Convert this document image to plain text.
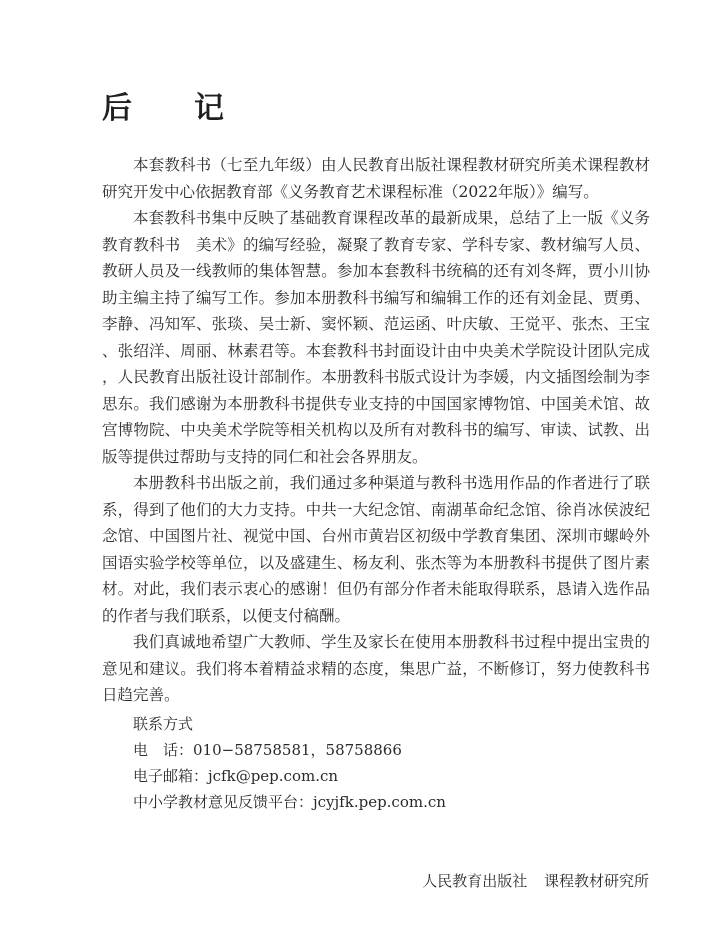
后　记

本套教科书（七至九年级）由人民教育出版社课程教材研究所美术课程教材研究开发中心依据教育部《义务教育艺术课程标准（2022年版）》编写。

本套教科书集中反映了基础教育课程改革的最新成果，总结了上一版《义务教育教科书　美术》的编写经验，凝聚了教育专家、学科专家、教材编写人员、教研人员及一线教师的集体智慧。参加本套教科书统稿的还有刘冬辉，贾小川协助主编主持了编写工作。参加本册教科书编写和编辑工作的还有刘金昆、贾勇、李静、冯知军、张琰、吴士新、窦怀颖、范运函、叶庆敏、王觉平、张杰、王宝、张绍洋、周丽、林素君等。本套教科书封面设计由中央美术学院设计团队完成，人民教育出版社设计部制作。本册教科书版式设计为李媛，内文插图绘制为李思东。我们感谢为本册教科书提供专业支持的中国国家博物馆、中国美术馆、故宫博物院、中央美术学院等相关机构以及所有对教科书的编写、审读、试教、出版等提供过帮助与支持的同仁和社会各界朋友。

本册教科书出版之前，我们通过多种渠道与教科书选用作品的作者进行了联系，得到了他们的大力支持。中共一大纪念馆、南湖革命纪念馆、徐肖冰侯波纪念馆、中国图片社、视觉中国、台州市黄岩区初级中学教育集团、深圳市螺岭外国语实验学校等单位，以及盛建生、杨友利、张杰等为本册教科书提供了图片素材。对此，我们表示衷心的感谢！但仍有部分作者未能取得联系，恳请入选作品的作者与我们联系，以便支付稿酬。

我们真诚地希望广大教师、学生及家长在使用本册教科书过程中提出宝贵的意见和建议。我们将本着精益求精的态度，集思广益，不断修订，努力使教科书日趋完善。

联系方式
电　话：010−58758581，58758866
电子邮箱：jcfk@pep.com.cn
中小学教材意见反馈平台：jcyjfk.pep.com.cn
人民教育出版社 课程教材研究所
